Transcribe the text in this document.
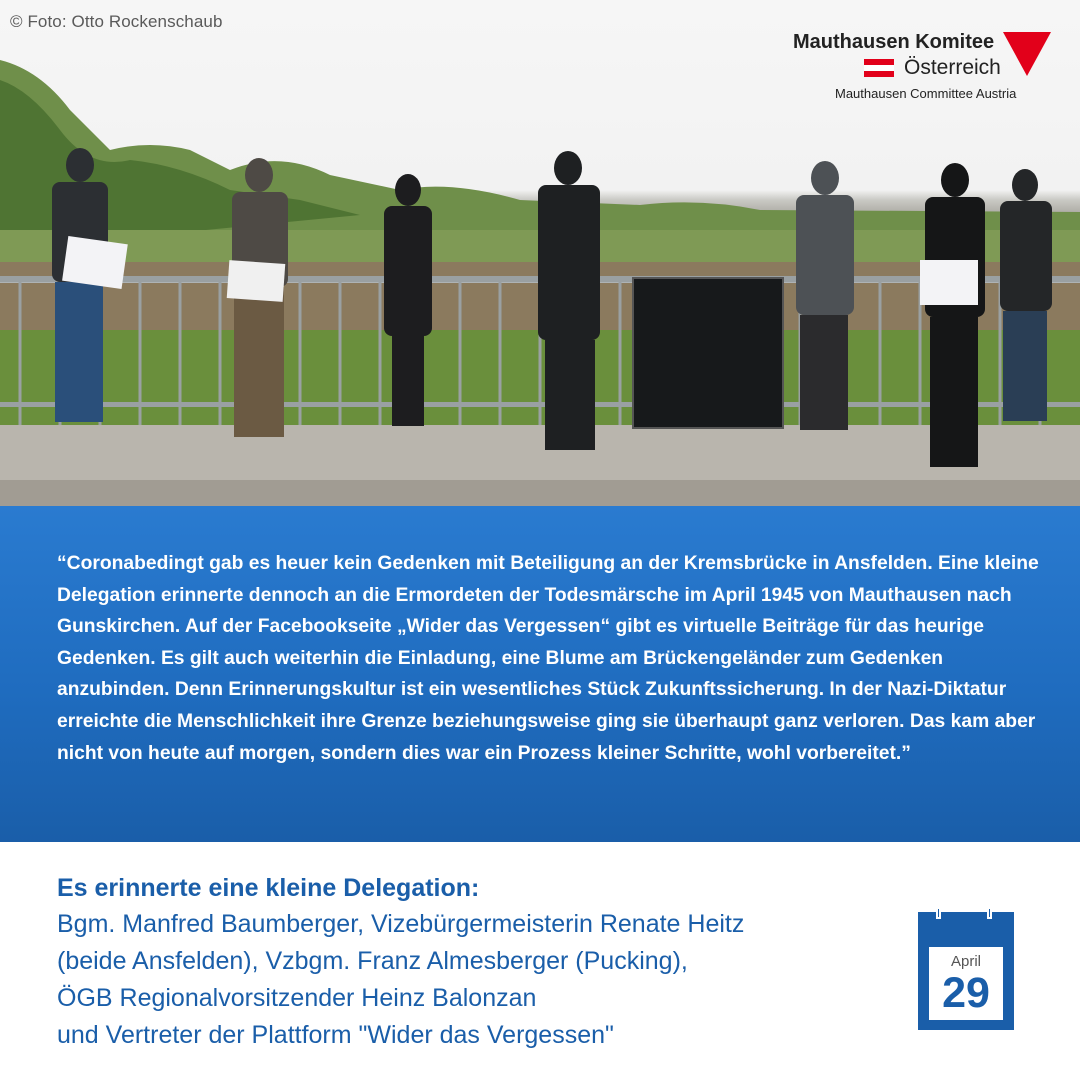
© Foto: Otto Rockenschaub
Mauthausen Komitee
Österreich
Mauthausen Committee Austria
“Coronabedingt gab es heuer kein Gedenken mit Beteiligung an der Kremsbrücke in Ansfelden. Eine kleine Delegation erinnerte dennoch an die Ermordeten der Todesmärsche im April 1945 von Mauthausen nach Gunskirchen. Auf der Facebookseite „Wider das Vergessen“ gibt es virtuelle Beiträge für das heurige Gedenken. Es gilt auch weiterhin die Einladung, eine Blume am Brückengeländer zum Gedenken anzubinden. Denn Erinnerungskultur ist ein wesentliches Stück Zukunftssicherung. In der Nazi-Diktatur erreichte die Menschlichkeit ihre Grenze beziehungsweise ging sie überhaupt ganz verloren. Das kam aber nicht von heute auf morgen, sondern dies war ein Prozess kleiner Schritte, wohl vorbereitet.”
Es erinnerte eine kleine Delegation:
Bgm. Manfred Baumberger, Vizebürgermeisterin Renate Heitz
(beide Ansfelden), Vzbgm. Franz Almesberger (Pucking),
ÖGB Regionalvorsitzender Heinz Balonzan
und Vertreter der Plattform "Wider das Vergessen"
April
29
